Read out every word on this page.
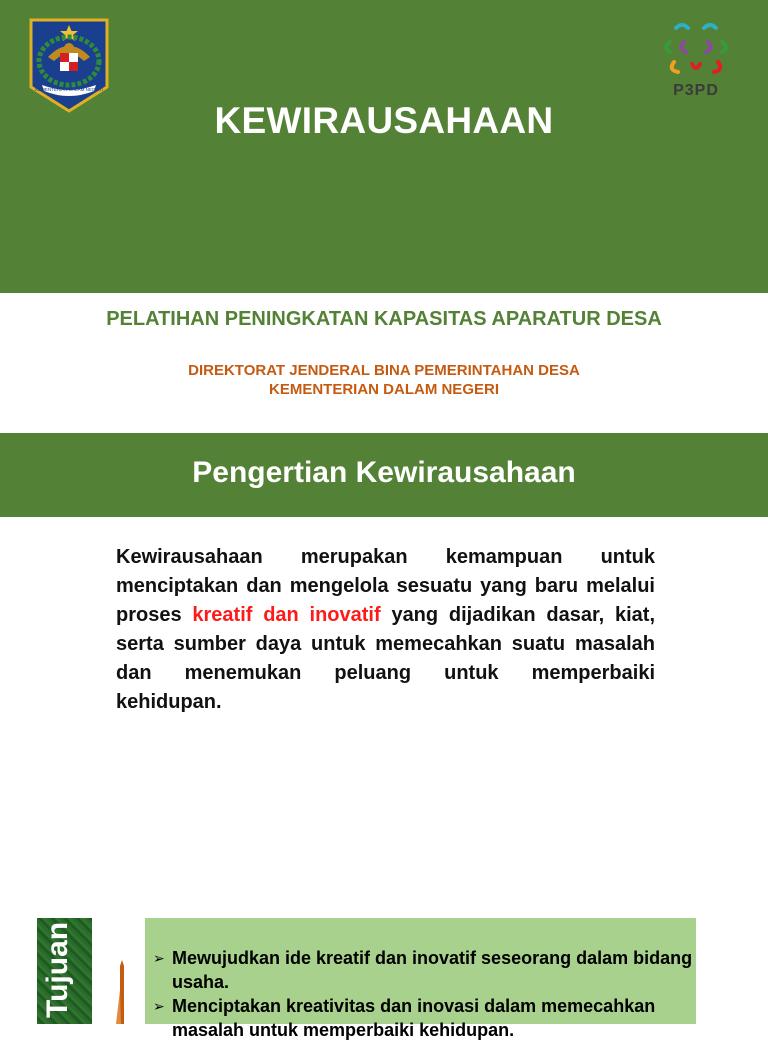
KEMENTERIAN DALAM NEGERI	P3PD
KEWIRAUSAHAAN
PELATIHAN PENINGKATAN KAPASITAS APARATUR DESA
DIREKTORAT JENDERAL BINA PEMERINTAHAN DESA
KEMENTERIAN DALAM NEGERI
Pengertian Kewirausahaan

Kewirausahaan merupakan kemampuan untuk menciptakan dan mengelola sesuatu yang baru melalui proses kreatif dan inovatif yang dijadikan dasar, kiat, serta sumber daya untuk memecahkan suatu masalah dan menemukan peluang untuk memperbaiki kehidupan.

Tujuan Kewirausahaan	➢ Mewujudkan ide kreatif dan inovatif seseorang dalam bidang usaha.
➢ Menciptakan kreativitas dan inovasi dalam memecahkan masalah untuk memperbaiki kehidupan.
